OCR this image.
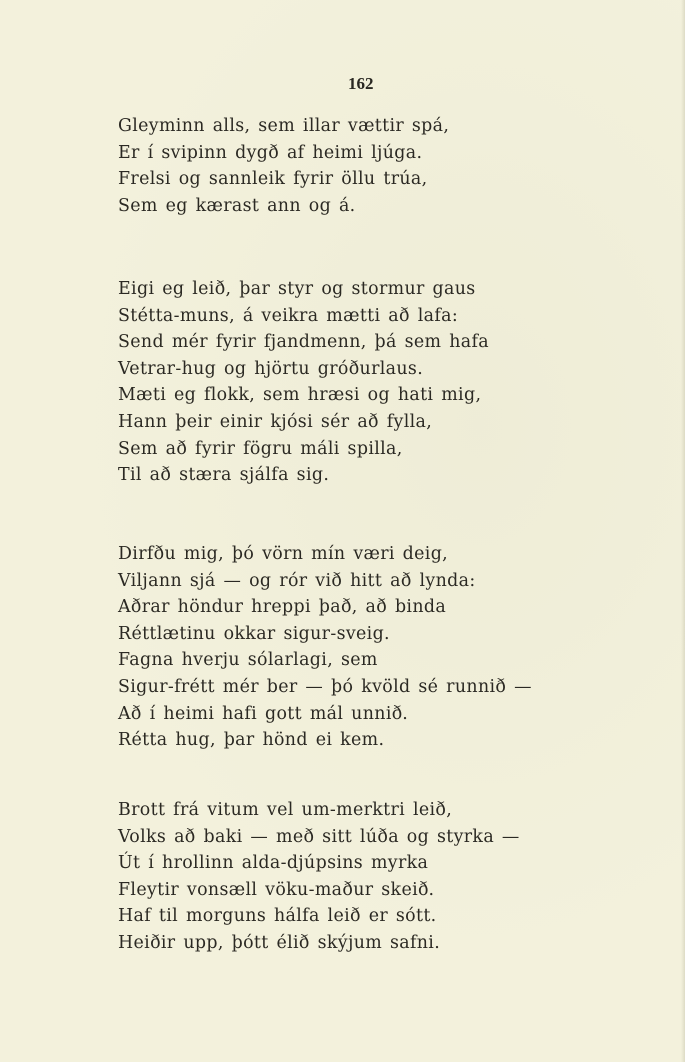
162
Gleyminn alls, sem illar vættir spá,
Er í svipinn dygð af heimi ljúga.
Frelsi og sannleik fyrir öllu trúa,
Sem eg kærast ann og á.
Eigi eg leið, þar styr og stormur gaus
Stétta-muns, á veikra mætti að lafa:
Send mér fyrir fjandmenn, þá sem hafa
Vetrar-hug og hjörtu gróðurlaus.
Mæti eg flokk, sem hræsi og hati mig,
Hann þeir einir kjósi sér að fylla,
Sem að fyrir fögru máli spilla,
Til að stæra sjálfa sig.
Dirfðu mig, þó vörn mín væri deig,
Viljann sjá — og rór við hitt að lynda:
Aðrar höndur hreppi það, að binda
Réttlætinu okkar sigur-sveig.
Fagna hverju sólarlagi, sem
Sigur-frétt mér ber — þó kvöld sé runnið —
Að í heimi hafi gott mál unnið.
Rétta hug, þar hönd ei kem.
Brott frá vitum vel um-merktri leið,
Volks að baki — með sitt lúða og styrka —
Út í hrollinn alda-djúpsins myrka
Fleytir vonsæll vöku-maður skeið.
Haf til morguns hálfa leið er sótt.
Heiðir upp, þótt élið skýjum safni.
